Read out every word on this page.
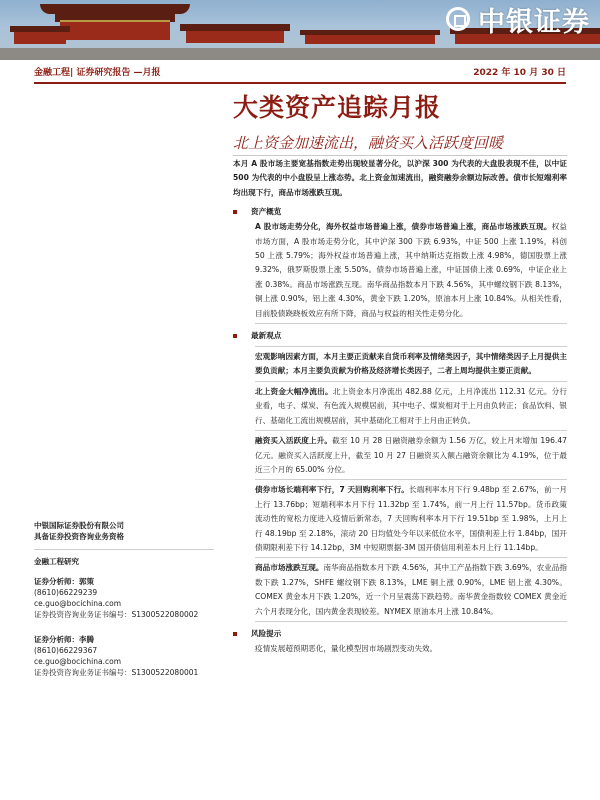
中银证券
金融工程| 证券研究报告 —月报	2022 年 10 月 30 日
大类资产追踪月报
北上资金加速流出，融资买入活跃度回暖

本月 A 股市场主要宽基指数走势出现较显著分化，以沪深 300 为代表的大盘股表现不佳，以中证 500 为代表的中小盘股呈上涨态势。北上资金加速流出，融资融券余额边际改善。债市长短端利率均出现下行，商品市场涨跌互现。

资产概览

A 股市场走势分化，海外权益市场普遍上涨，债券市场普遍上涨，商品市场涨跌互现。权益市场方面，A 股市场走势分化，其中沪深 300 下跌 6.93%，中证 500 上涨 1.19%，科创 50 上涨 5.79%；海外权益市场普遍上涨，其中纳斯达克指数上涨 4.98%，德国股票上涨 9.32%，俄罗斯股票上涨 5.50%。债券市场普遍上涨，中证国债上涨 0.69%，中证企业上涨 0.38%。商品市场涨跌互现。南华商品指数本月下跌 4.56%，其中螺纹钢下跌 8.13%，铜上涨 0.90%，铝上涨 4.30%，黄金下跌 1.20%，原油本月上涨 10.84%。从相关性看，目前股债跷跷板效应有所下降，商品与权益的相关性走势分化。

最新观点

宏观影响因素方面，本月主要正贡献来自货币利率及情绪类因子，其中情绪类因子上月提供主要负贡献；本月主要负贡献为价格及经济增长类因子，二者上周均提供主要正贡献。

北上资金大幅净流出。北上资金本月净流出 482.88 亿元，上月净流出 112.31 亿元。分行业看，电子、煤炭、有色流入规模居前，其中电子、煤炭相对于上月由负转正；食品饮料、银行、基础化工流出规模居前，其中基础化工相对于上月由正转负。

融资买入活跃度上升。截至 10 月 28 日融资融券余额为 1.56 万亿，较上月末增加 196.47 亿元。融资买入活跃度上升，截至 10 月 27 日融资买入额占融资余额比为 4.19%，位于最近三个月的 65.00% 分位。

债券市场长端利率下行，7 天回购利率下行。长端利率本月下行 9.48bp 至 2.67%，前一月上行 13.76bp；短端利率本月下行 11.32bp 至 1.74%，前一月上行 11.57bp。货币政策流动性的宽松力度进入疫情后新常态，7 天回购利率本月下行 19.51bp 至 1.98%，上月上行 48.19bp 至 2.18%，滚动 20 日均值处今年以来低位水平，国债利差上行 1.84bp，国开债期限利差下行 14.12bp，3M 中短期票据-3M 国开债信用利差本月上行 11.14bp。

商品市场涨跌互现。南华商品指数本月下跌 4.56%，其中工产品指数下跌 3.69%，农业品指数下跌 1.27%，SHFE 螺纹钢下跌 8.13%，LME 铜上涨 0.90%，LME 铝上涨 4.30%。COMEX 黄金本月下跌 1.20%，近一个月呈震荡下跌趋势。南华黄金指数较 COMEX 黄金近六个月表现分化，国内黄金表现较差。NYMEX 原油本月上涨 10.84%。

风险提示

疫情发展超预期恶化，量化模型因市场剧烈变动失效。

中银国际证券股份有限公司
具备证券投资咨询业务资格
金融工程研究
证券分析师：郭策
(8610)66229239
ce.guo@bocichina.com
证券投资咨询业务证书编号：S1300522080002
证券分析师：李腾
(8610)66229367
ce.guo@bocichina.com
证券投资咨询业务证书编号：S1300522080001
